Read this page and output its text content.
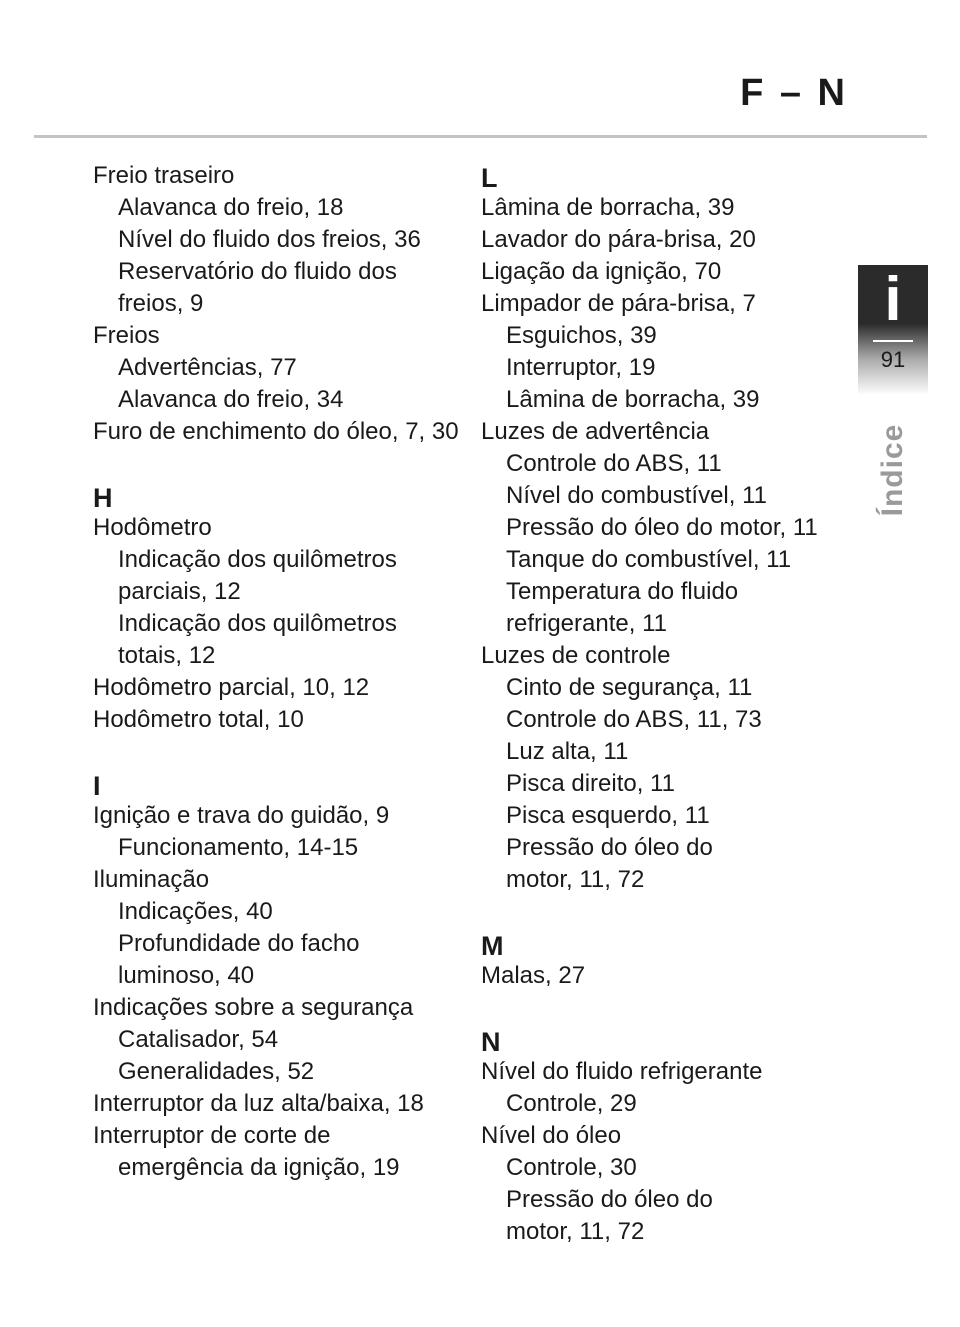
F – N
i
91
Índice
Freio traseiro
Alavanca do freio, 18
Nível do fluido dos freios, 36
Reservatório do fluido dos
freios, 9
Freios
Advertências, 77
Alavanca do freio, 34
Furo de enchimento do óleo, 7, 30
H
Hodômetro
Indicação dos quilômetros
parciais, 12
Indicação dos quilômetros
totais, 12
Hodômetro parcial, 10, 12
Hodômetro total, 10
I
Ignição e trava do guidão, 9
Funcionamento, 14-15
Iluminação
Indicações, 40
Profundidade do facho
luminoso, 40
Indicações sobre a segurança
Catalisador, 54
Generalidades, 52
Interruptor da luz alta/baixa, 18
Interruptor de corte de
emergência da ignição, 19
L
Lâmina de borracha, 39
Lavador do pára-brisa, 20
Ligação da ignição, 70
Limpador de pára-brisa, 7
Esguichos, 39
Interruptor, 19
Lâmina de borracha, 39
Luzes de advertência
Controle do ABS, 11
Nível do combustível, 11
Pressão do óleo do motor, 11
Tanque do combustível, 11
Temperatura do fluido
refrigerante, 11
Luzes de controle
Cinto de segurança, 11
Controle do ABS, 11, 73
Luz alta, 11
Pisca direito, 11
Pisca esquerdo, 11
Pressão do óleo do
motor, 11, 72
M
Malas, 27
N
Nível do fluido refrigerante
Controle, 29
Nível do óleo
Controle, 30
Pressão do óleo do
motor, 11, 72
